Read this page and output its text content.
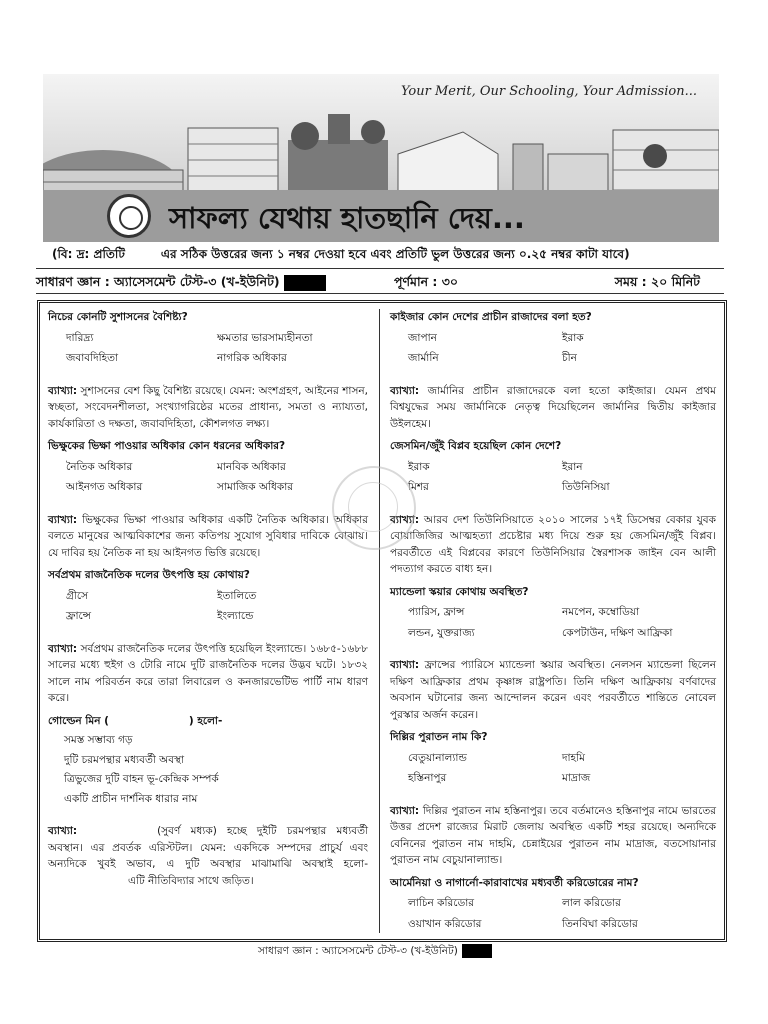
Your Merit, Our Schooling, Your Admission...
সাফল্য যেথায় হাতছানি দেয়...
(বি: দ্র: প্রতিটি	এর সঠিক উত্তরের জন্য ১ নম্বর দেওয়া হবে এবং প্রতিটি ভুল উত্তরের জন্য ০.২৫ নম্বর কাটা যাবে)
সাধারণ জ্ঞান : অ্যাসেসমেন্ট টেস্ট-৩ (খ-ইউনিট)	পূর্ণমান : ৩০	সময় : ২০ মিনিট

নিচের কোনটি সুশাসনের বৈশিষ্ট্য?

দারিদ্র্য	ক্ষমতার ভারসাম্যহীনতা
জবাবদিহিতা	নাগরিক অধিকার

ব্যাখ্যা: সুশাসনের বেশ কিছু বৈশিষ্ট্য রয়েছে। যেমন: অংশগ্রহণ, আইনের শাসন, স্বচ্ছতা, সংবেদনশীলতা, সংখ্যাগরিষ্ঠের মতের প্রাধান্য, সমতা ও ন্যায্যতা, কার্যকারিতা ও দক্ষতা, জবাবদিহিতা, কৌশলগত লক্ষ্য।

ভিক্ষুকের ভিক্ষা পাওয়ার অধিকার কোন ধরনের অধিকার?

নৈতিক অধিকার	মানবিক অধিকার
আইনগত অধিকার	সামাজিক অধিকার

ব্যাখ্যা: ভিক্ষুকের ভিক্ষা পাওয়ার অধিকার একটি নৈতিক অধিকার। অধিকার বলতে মানুষের আত্মবিকাশের জন্য কতিপয় সুযোগ সুবিধার দাবিকে বোঝায়। যে দাবির হয় নৈতিক না হয় আইনগত ভিত্তি রয়েছে।

সর্বপ্রথম রাজনৈতিক দলের উৎপত্তি হয় কোথায়?

গ্রীসে	ইতালিতে
ফ্রান্সে	ইংল্যান্ডে

ব্যাখ্যা: সর্বপ্রথম রাজনৈতিক দলের উৎপত্তি হয়েছিল ইংল্যান্ডে। ১৬৮৫-১৬৮৮ সালের মধ্যে হুইগ ও টোরি নামে দুটি রাজনৈতিক দলের উদ্ভব ঘটে। ১৮৩২ সালে নাম পরিবর্তন করে তারা লিবারেল ও কনজারভেটিভ পার্টি নাম ধারণ করে।

গোল্ডেন মিন (	) হলো-

সমস্ত সম্ভাব্য গড়
দুটি চরমপন্থার মধ্যবর্তী অবস্থা
ত্রিভুজের দুটি বাহন ভূ-কেন্দ্রিক সম্পর্ক
একটি প্রাচীন দার্শনিক ধারার নাম

ব্যাখ্যা:	(সুবর্ণ মধ্যক) হচ্ছে দুইটি চরমপন্থার মধ্যবর্তী অবস্থান। এর প্রবর্তক এরিস্টটল। যেমন: একদিকে সম্পদের প্রাচুর্য এবং অন্যদিকে খুবই অভাব, এ দুটি অবস্থার মাঝামাঝি অবস্থাই হলো-এটি নীতিবিদ্যার সাথে জড়িত।

কাইজার কোন দেশের প্রাচীন রাজাদের বলা হত?

জাপান	ইরাক
জার্মানি	চীন

ব্যাখ্যা: জার্মানির প্রাচীন রাজাদেরকে বলা হতো কাইজার। যেমন প্রথম বিশ্বযুদ্ধের সময় জার্মানিকে নেতৃত্ব দিয়েছিলেন জার্মানির দ্বিতীয় কাইজার উইলহেম।

জেসমিন/জুঁই বিপ্লব হয়েছিল কোন দেশে?

ইরাক	ইরান
মিশর	তিউনিসিয়া

ব্যাখ্যা: আরব দেশ তিউনিসিয়াতে ২০১০ সালের ১৭ই ডিসেম্বর বেকার যুবক বোয়াজিজির আত্মহত্যা প্রচেষ্টার মধ্য দিয়ে শুরু হয় জেসমিন/জুঁই বিপ্লব। পরবর্তীতে এই বিপ্লবের কারণে তিউনিসিয়ার স্বৈরশাসক জাইন বেন আলী পদত্যাগ করতে বাধ্য হন।

ম্যান্ডেলা স্কয়ার কোথায় অবস্থিত?

প্যারিস, ফ্রান্স	নমপেন, কম্বোডিয়া
লন্ডন, যুক্তরাজ্য	কেপটাউন, দক্ষিণ আফ্রিকা

ব্যাখ্যা: ফ্রান্সের প্যারিসে ম্যান্ডেলা স্কয়ার অবস্থিত। নেলসন ম্যান্ডেলা ছিলেন দক্ষিণ আফ্রিকার প্রথম কৃষ্ণাঙ্গ রাষ্ট্রপতি। তিনি দক্ষিণ আফ্রিকায় বর্ণবাদের অবসান ঘটানোর জন্য আন্দোলন করেন এবং পরবর্তীতে শান্তিতে নোবেল পুরস্কার অর্জন করেন।

দিল্লির পুরাতন নাম কি?

বেতুয়ানাল্যান্ড	দাহমি
হস্তিনাপুর	মাদ্রাজ

ব্যাখ্যা: দিল্লির পুরাতন নাম হস্তিনাপুর। তবে বর্তমানেও হস্তিনাপুর নামে ভারতের উত্তর প্রদেশ রাজ্যের মিরাট জেলায় অবস্থিত একটি শহর রয়েছে। অন্যদিকে বেনিনের পুরাতন নাম দাহমি, চেন্নাইয়ের পুরাতন নাম মাদ্রাজ, বতসোয়ানার পুরাতন নাম বেচুয়ানাল্যান্ড।

আর্মেনিয়া ও নাগার্নো-কারাবাখের মধ্যবর্তী করিডোরের নাম?

লাচিন করিডোর	লাল করিডোর
ওয়াখান করিডোর	তিনবিঘা করিডোর
সাধারণ জ্ঞান : অ্যাসেসমেন্ট টেস্ট-৩ (খ-ইউনিট)
